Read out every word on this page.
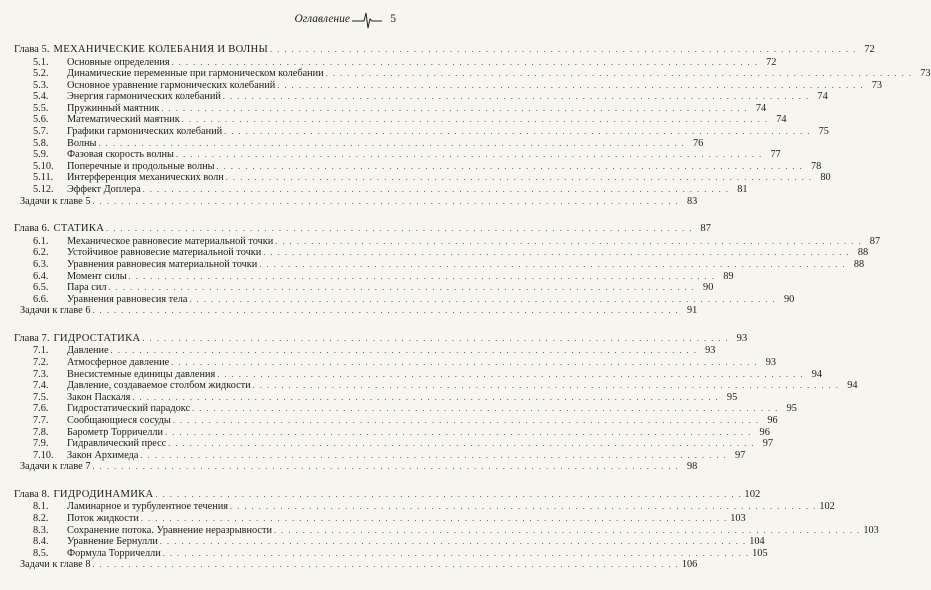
Оглавление	5
Глава 5. МЕХАНИЧЕСКИЕ КОЛЕБАНИЯ И ВОЛНЫ . . .	72
5.1.	Основные определения . . .	72
5.2.	Динамические переменные при гармоническом колебании . . .	73
5.3.	Основное уравнение гармонических колебаний . . .	73
5.4.	Энергия гармонических колебаний . . .	74
5.5.	Пружинный маятник . . .	74
5.6.	Математический маятник . . .	74
5.7.	Графики гармонических колебаний . . .	75
5.8.	Волны . . .	76
5.9.	Фазовая скорость волны . . .	77
5.10.	Поперечные и продольные волны . . .	78
5.11.	Интерференция механических волн . . .	80
5.12.	Эффект Доплера . . .	81
Задачи к главе 5 . . .	83
Глава 6. СТАТИКА . . .	87
6.1.	Механическое равновесие материальной точки . . .	87
6.2.	Устойчивое равновесие материальной точки . . .	88
6.3.	Уравнения равновесия материальной точки . . .	88
6.4.	Момент силы . . .	89
6.5.	Пара сил . . .	90
6.6.	Уравнения равновесия тела . . .	90
Задачи к главе 6 . . .	91
Глава 7. ГИДРОСТАТИКА . . .	93
7.1.	Давление . . .	93
7.2.	Атмосферное давление . . .	93
7.3.	Внесистемные единицы давления . . .	94
7.4.	Давление, создаваемое столбом жидкости . . .	94
7.5.	Закон Паскаля . . .	95
7.6.	Гидростатический парадокс . . .	95
7.7.	Сообщающиеся сосуды . . .	96
7.8.	Барометр Торричелли . . .	96
7.9.	Гидравлический пресс . . .	97
7.10.	Закон Архимеда . . .	97
Задачи к главе 7 . . .	98
Глава 8. ГИДРОДИНАМИКА . . .	102
8.1.	Ламинарное и турбулентное течения . . .	102
8.2.	Поток жидкости . . .	103
8.3.	Сохранение потока. Уравнение неразрывности . . .	103
8.4.	Уравнение Бернулли . . .	104
8.5.	Формула Торричелли . . .	105
Задачи к главе 8 . . .	106
